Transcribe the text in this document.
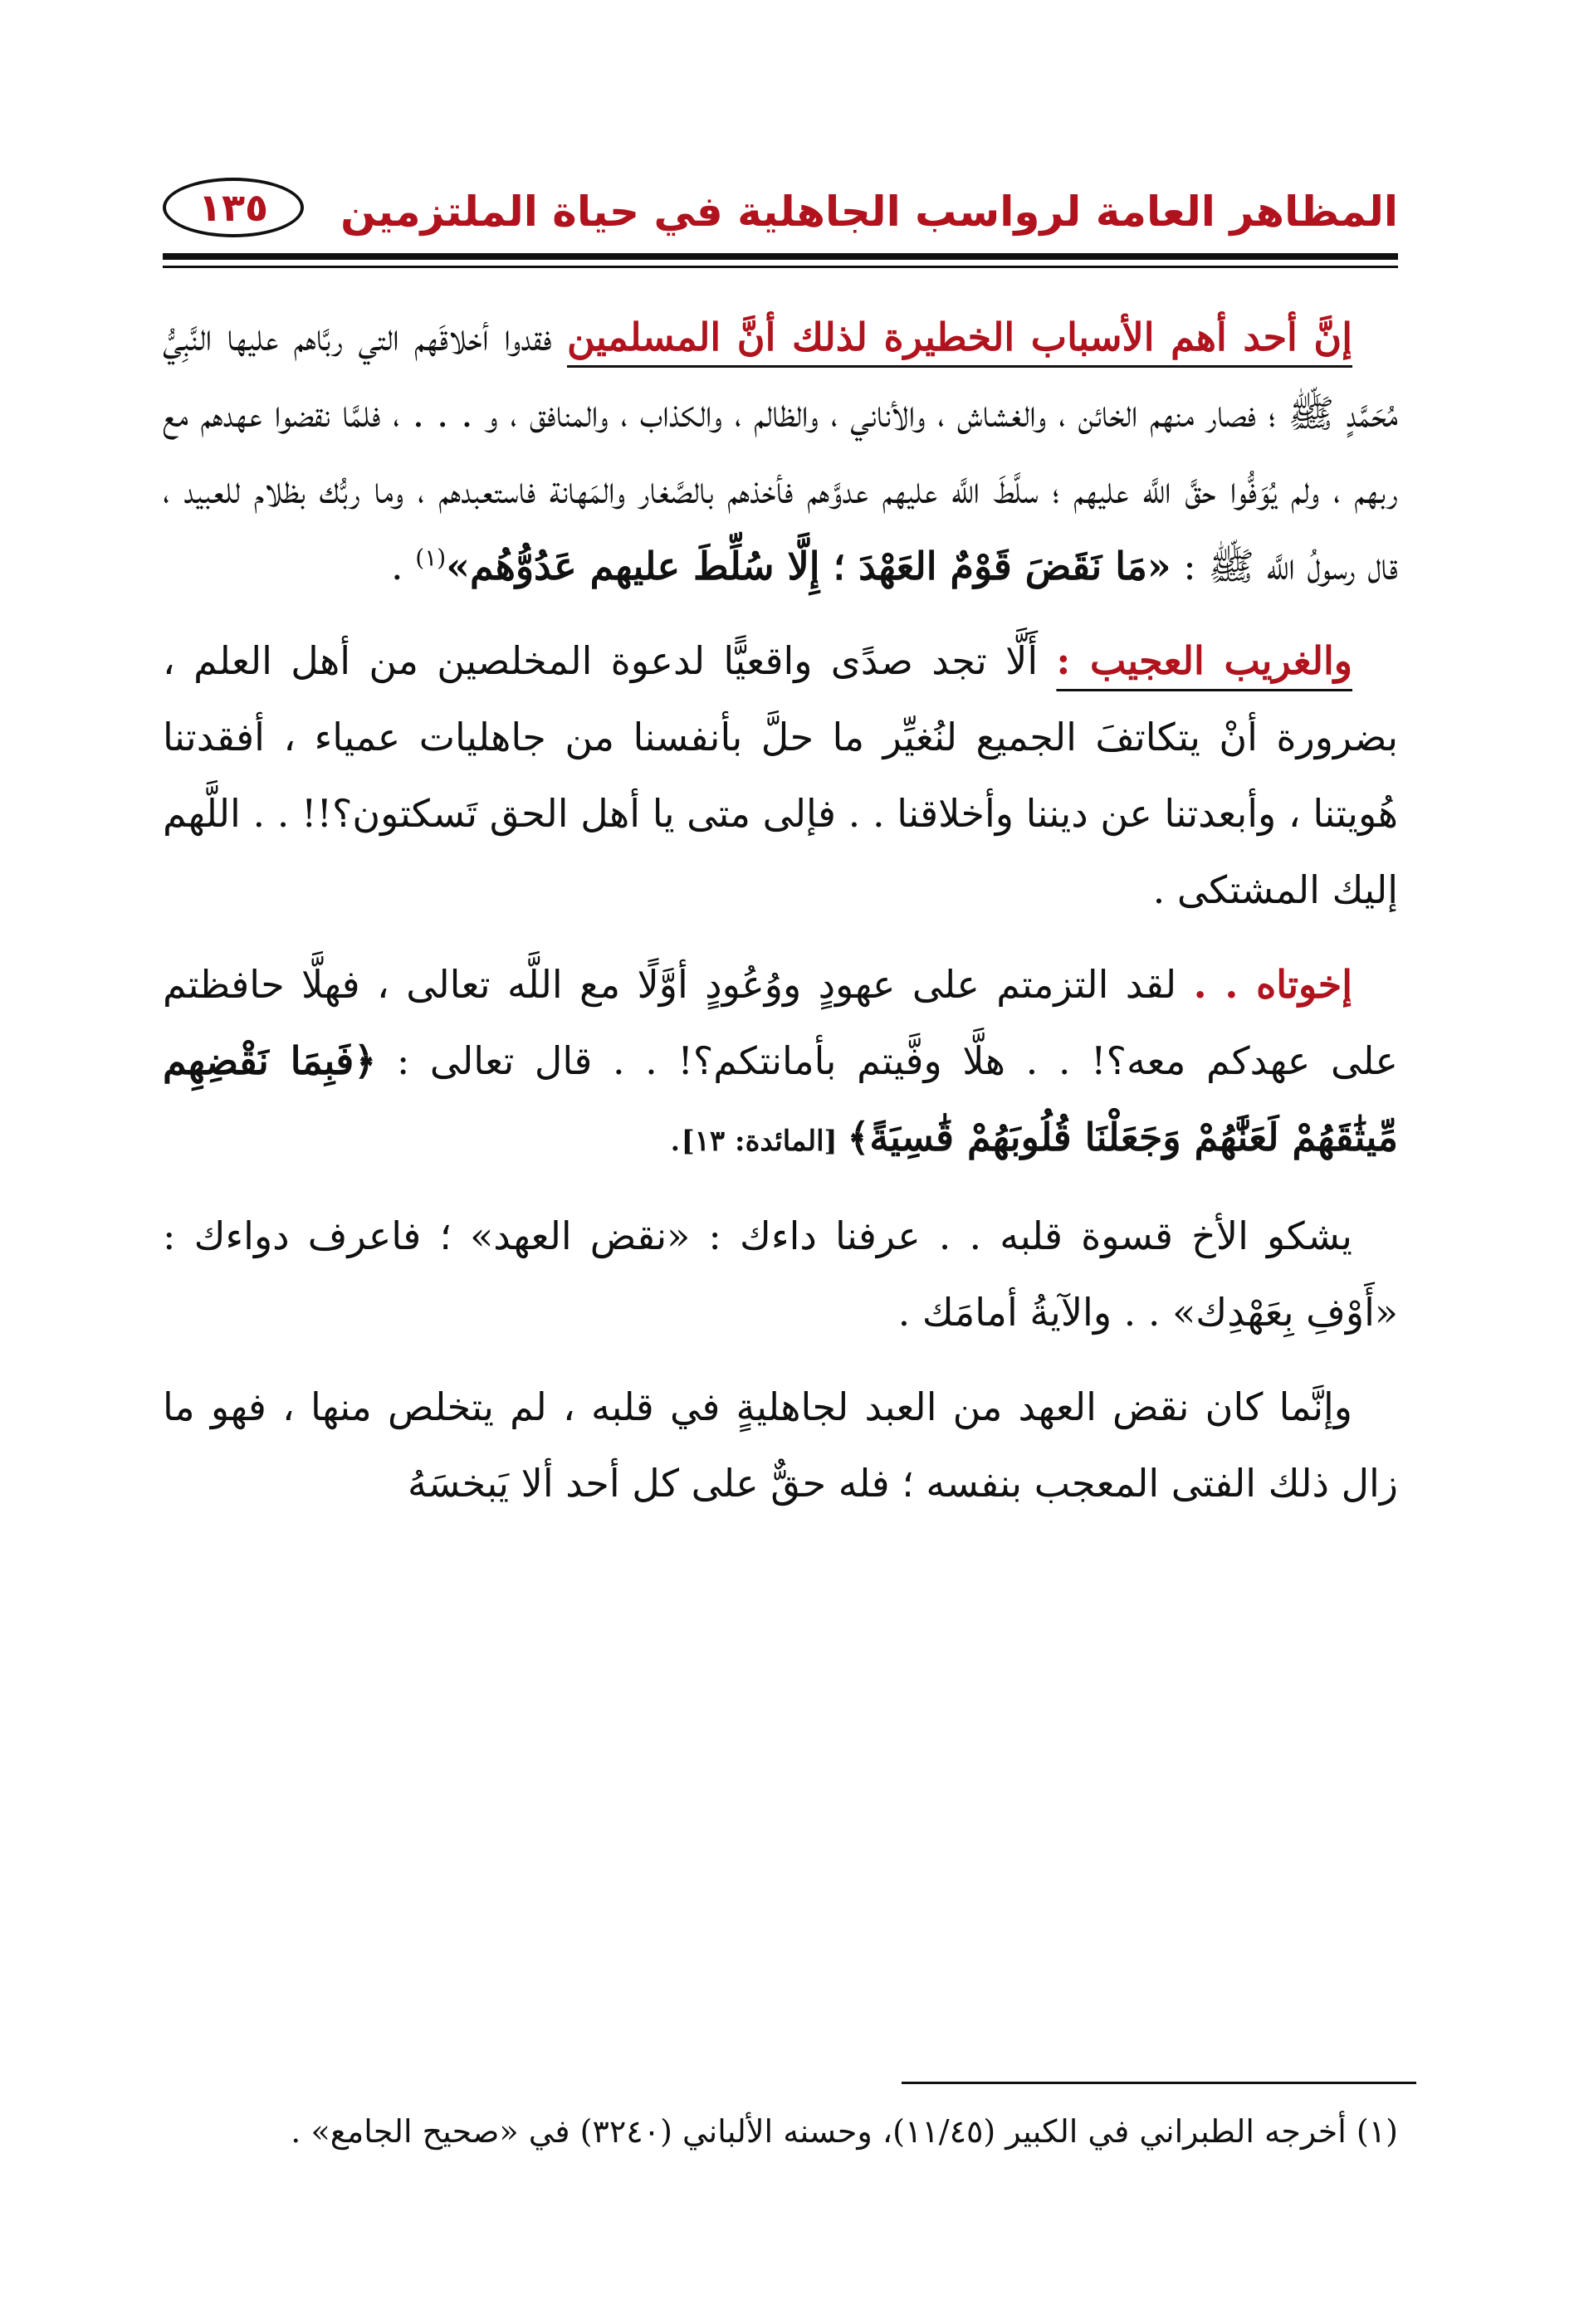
المظاهر العامة لرواسب الجاهلية في حياة الملتزمين
١٣٥

إنَّ أحد أهم الأسباب الخطيرة لذلك أنَّ المسلمين فقدوا أخلاقَهم التي ربَّاهم عليها النَّبِيُّ مُحَمَّدٍ ﷺ ؛ فصار منهم الخائن ، والغشاش ، والأناني ، والظالم ، والكذاب ، والمنافق ، و . . . ، فلمَّا نقضوا عهدهم مع ربهم ، ولم يُوَفُّوا حقَّ اللَّه عليهم ؛ سلَّطَ اللَّه عليهم عدوَّهم فأخذهم بالصَّغار والمَهانة فاستعبدهم ، وما ربُّك بظلام للعبيد ، قال رسولُ اللَّه ﷺ : «مَا نَقَضَ قَوْمٌ العَهْدَ ؛ إِلَّا سُلِّطَ عليهم عَدُوُّهُم»$^{(١)}$ .

والغريب العجيب : أَلَّا تجد صدًى واقعيًّا لدعوة المخلصين من أهل العلم ، بضرورة أنْ يتكاتفَ الجميع لنُغيِّر ما حلَّ بأنفسنا من جاهليات عمياء ، أفقدتنا هُويتنا ، وأبعدتنا عن ديننا وأخلاقنا . . فإلى متى يا أهل الحق تَسكتون؟!! . . اللَّهم إليك المشتكى .

إخوتاه . . لقد التزمتم على عهودٍ ووُعُودٍ أوَّلًا مع اللَّه تعالى ، فهلَّا حافظتم على عهدكم معه؟! . . هلَّا وفَّيتم بأمانتكم؟! . . قال تعالى : ﴿فَبِمَا نَقْضِهِم مِّيثَٰقَهُمْ لَعَنَّٰهُمْ وَجَعَلْنَا قُلُوبَهُمْ قَٰسِيَةً﴾ [المائدة: ١٣].

يشكو الأخ قسوة قلبه . . عرفنا داءك : «نقض العهد» ؛ فاعرف دواءك : «أَوْفِ بِعَهْدِك» . . والآيةُ أمامَك .

وإنَّما كان نقض العهد من العبد لجاهليةٍ في قلبه ، لم يتخلص منها ، فهو ما زال ذلك الفتى المعجب بنفسه ؛ فله حقٌّ على كل أحد ألا يَبخسَهُ

(١) أخرجه الطبراني في الكبير (١١/٤٥)، وحسنه الألباني (٣٢٤٠) في «صحيح الجامع» .
